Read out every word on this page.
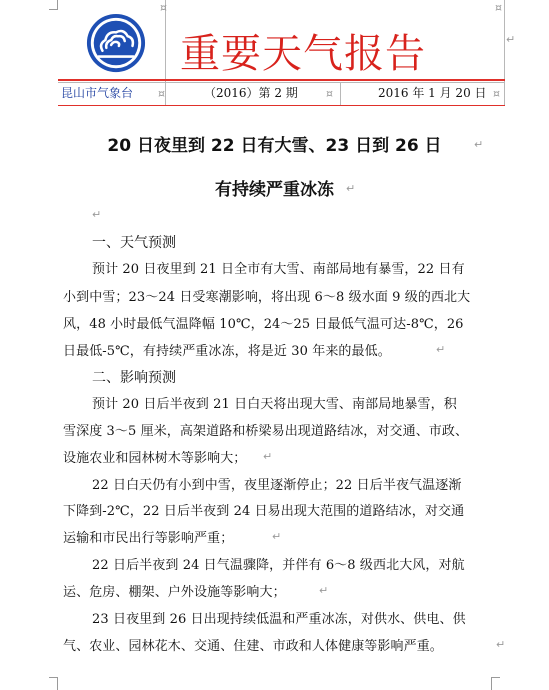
¤	¤
↵
重要天气报告
昆山市气象台 ¤	（2016）第 2 期	¤	2016 年 1 月 20 日 ¤
20 日夜里到 22 日有大雪、23 日到 26 日	↵
有持续严重冰冻	↵
↵
一、天气预测
预计 20 日夜里到 21 日全市有大雪、南部局地有暴雪，22 日有
小到中雪；23～24 日受寒潮影响，将出现 6～8 级水面 9 级的西北大
风，48 小时最低气温降幅 10℃，24～25 日最低气温可达-8℃，26
日最低-5℃，有持续严重冰冻，将是近 30 年来的最低。	↵
二、影响预测
预计 20 日后半夜到 21 日白天将出现大雪、南部局地暴雪，积
雪深度 3～5 厘米，高架道路和桥梁易出现道路结冰，对交通、市政、
设施农业和园林树木等影响大； ↵
22 日白天仍有小到中雪，夜里逐渐停止；22 日后半夜气温逐渐
下降到-2℃，22 日后半夜到 24 日易出现大范围的道路结冰，对交通
运输和市民出行等影响严重；	↵
22 日后半夜到 24 日气温骤降，并伴有 6～8 级西北大风，对航
运、危房、棚架、户外设施等影响大；	↵
23 日夜里到 26 日出现持续低温和严重冰冻，对供水、供电、供
气、农业、园林花木、交通、住建、市政和人体健康等影响严重。	↵
